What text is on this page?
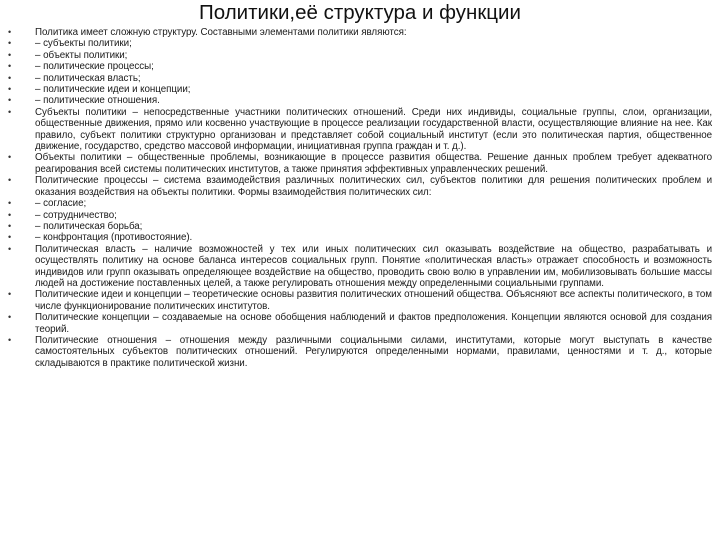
Политики,её структура и функции
•	Политика имеет сложную структуру. Составными элементами политики являются:
•	– субъекты политики;
•	– объекты политики;
•	– политические процессы;
•	– политическая власть;
•	– политические идеи и концепции;
•	– политические отношения.
•	Субъекты политики – непосредственные участники политических отношений. Среди них индивиды, социальные группы, слои, организации, общественные движения, прямо или косвенно участвующие в процессе реализации государственной власти, осуществляющие влияние на нее. Как правило, субъект политики структурно организован и представляет собой социальный институт (если это политическая партия, общественное движение, государство, средство массовой информации, инициативная группа граждан и т. д.).
•	Объекты политики – общественные проблемы, возникающие в процессе развития общества. Решение данных проблем требует адекватного реагирования всей системы политических институтов, а также принятия эффективных управленческих решений.
•	Политические процессы – система взаимодействия различных политических сил, субъектов политики для решения политических проблем и оказания воздействия на объекты политики. Формы взаимодействия политических сил:
•	– согласие;
•	– сотрудничество;
•	– политическая борьба;
•	– конфронтация (противостояние).
•	Политическая власть – наличие возможностей у тех или иных политических сил оказывать воздействие на общество, разрабатывать и осуществлять политику на основе баланса интересов социальных групп. Понятие «политическая власть» отражает способность и возможность индивидов или групп оказывать определяющее воздействие на общество, проводить свою волю в управлении им, мобилизовывать большие массы людей на достижение поставленных целей, а также регулировать отношения между определенными социальными группами.
•	Политические идеи и концепции – теоретические основы развития политических отношений общества. Объясняют все аспекты политического, в том числе функционирование политических институтов.
•	Политические концепции – создаваемые на основе обобщения наблюдений и фактов предположения. Концепции являются основой для создания теорий.
•	Политические отношения – отношения между различными социальными силами, институтами, которые могут выступать в качестве самостоятельных субъектов политических отношений. Регулируются определенными нормами, правилами, ценностями и т. д., которые складываются в практике политической жизни.
